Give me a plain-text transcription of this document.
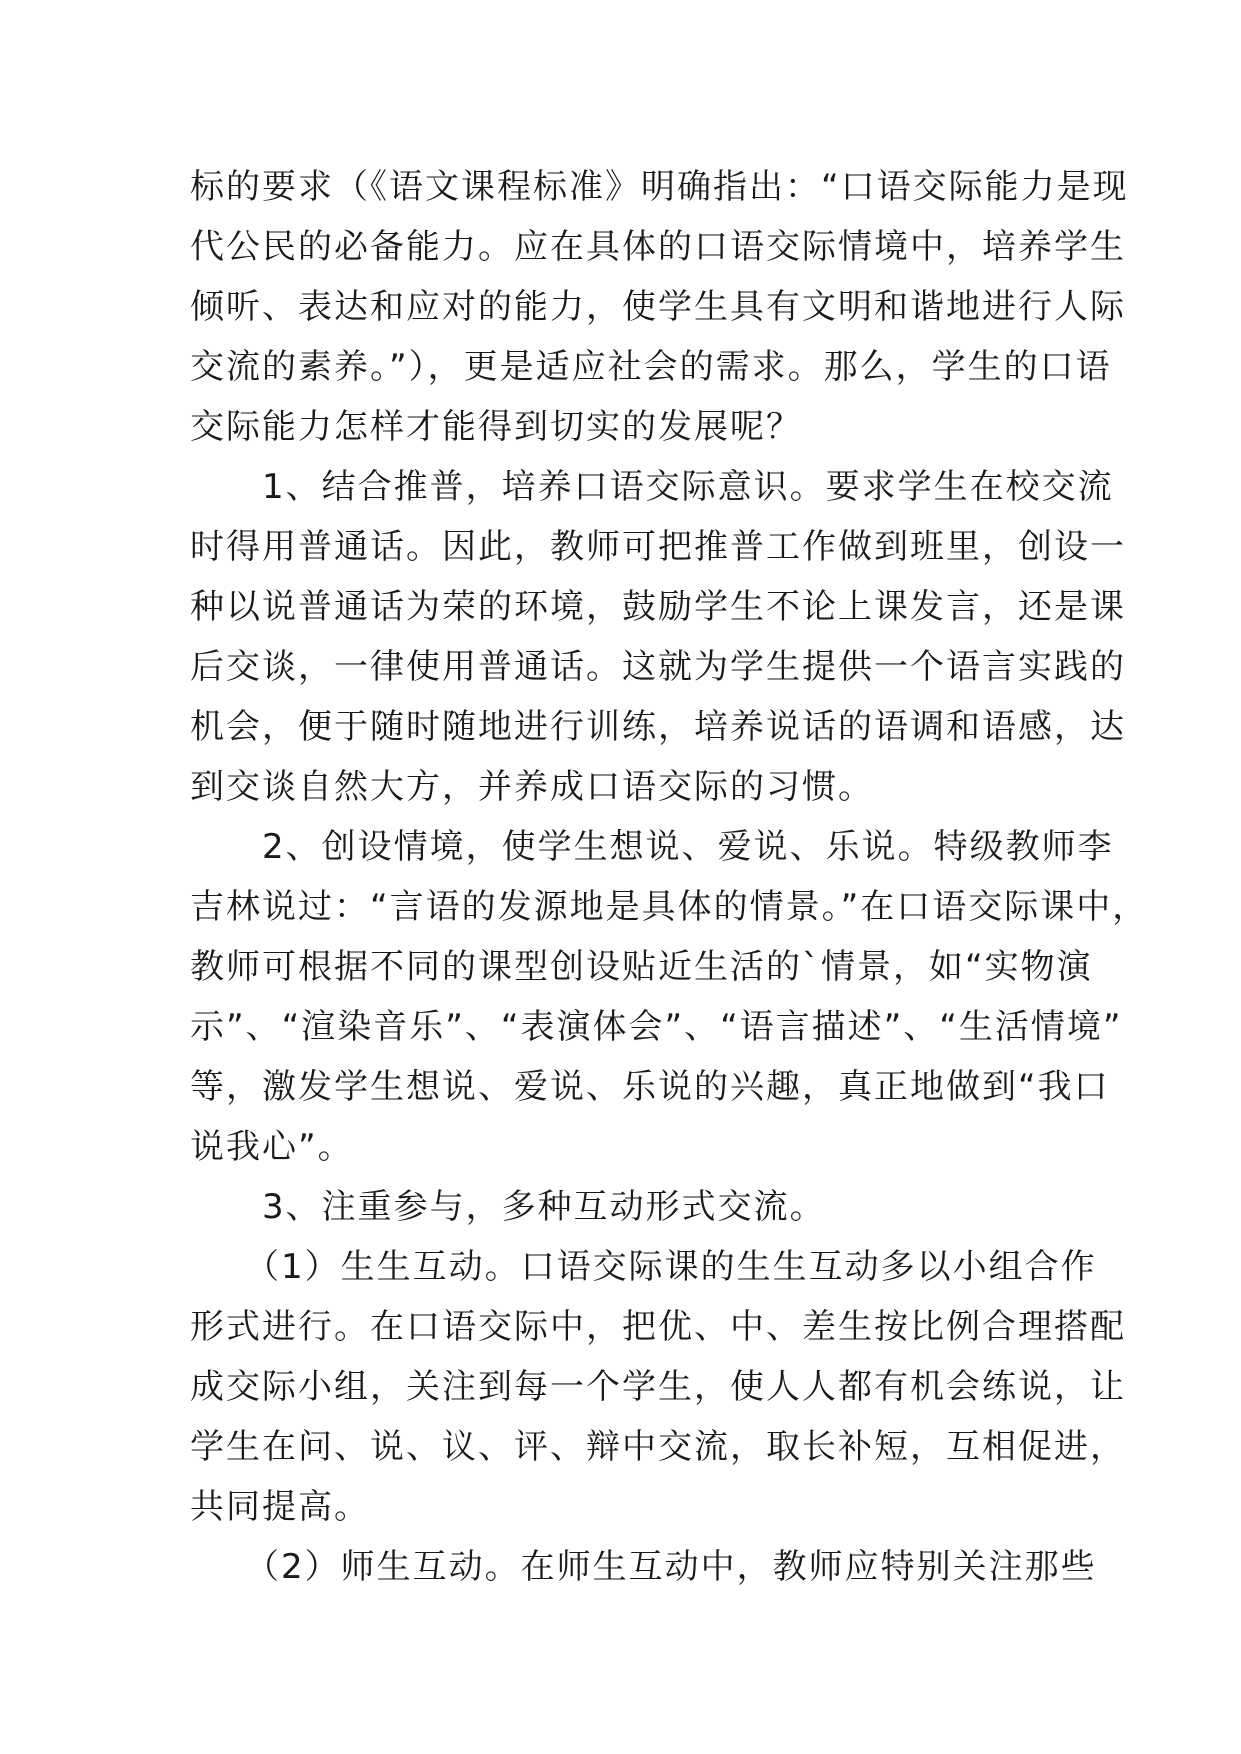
标的要求（《语文课程标准》明确指出：“口语交际能力是现
代公民的必备能力。应在具体的口语交际情境中，培养学生
倾听、表达和应对的能力，使学生具有文明和谐地进行人际
交流的素养。”），更是适应社会的需求。那么，学生的口语
交际能力怎样才能得到切实的发展呢？
　　1、结合推普，培养口语交际意识。要求学生在校交流
时得用普通话。因此，教师可把推普工作做到班里，创设一
种以说普通话为荣的环境，鼓励学生不论上课发言，还是课
后交谈，一律使用普通话。这就为学生提供一个语言实践的
机会，便于随时随地进行训练，培养说话的语调和语感，达
到交谈自然大方，并养成口语交际的习惯。
　　2、创设情境，使学生想说、爱说、乐说。特级教师李
吉林说过：“言语的发源地是具体的情景。”在口语交际课中，
教师可根据不同的课型创设贴近生活的`情景，如“实物演
示”、“渲染音乐”、“表演体会”、“语言描述”、“生活情境”
等，激发学生想说、爱说、乐说的兴趣，真正地做到“我口
说我心”。
　　3、注重参与，多种互动形式交流。
　　（1）生生互动。口语交际课的生生互动多以小组合作
形式进行。在口语交际中，把优、中、差生按比例合理搭配
成交际小组，关注到每一个学生，使人人都有机会练说，让
学生在问、说、议、评、辩中交流，取长补短，互相促进，
共同提高。
　　（2）师生互动。在师生互动中，教师应特别关注那些
